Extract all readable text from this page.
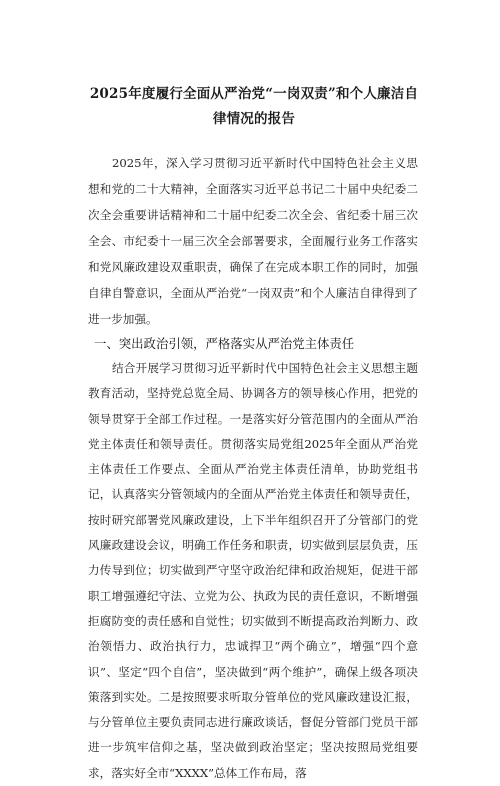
2025年度履行全面从严治党“一岗双责”和个人廉洁自律情况的报告

2025年，深入学习贯彻习近平新时代中国特色社会主义思想和党的二十大精神，全面落实习近平总书记二十届中央纪委二次全会重要讲话精神和二十届中纪委二次全会、省纪委十届三次全会、市纪委十一届三次全会部署要求，全面履行业务工作落实和党风廉政建设双重职责，确保了在完成本职工作的同时，加强自律自警意识，全面从严治党“一岗双责”和个人廉洁自律得到了进一步加强。

一、突出政治引领，严格落实从严治党主体责任

结合开展学习贯彻习近平新时代中国特色社会主义思想主题教育活动，坚持党总览全局、协调各方的领导核心作用，把党的领导贯穿于全部工作过程。一是落实好分管范围内的全面从严治党主体责任和领导责任。贯彻落实局党组2025年全面从严治党主体责任工作要点、全面从严治党主体责任清单，协助党组书记，认真落实分管领域内的全面从严治党主体责任和领导责任，按时研究部署党风廉政建设，上下半年组织召开了分管部门的党风廉政建设会议，明确工作任务和职责，切实做到层层负责，压力传导到位；切实做到严守坚守政治纪律和政治规矩，促进干部职工增强遵纪守法、立党为公、执政为民的责任意识，不断增强拒腐防变的责任感和自觉性；切实做到不断提高政治判断力、政治领悟力、政治执行力，忠诚捍卫“两个确立”，增强“四个意识”、坚定“四个自信”，坚决做到“两个维护”，确保上级各项决策落到实处。二是按照要求听取分管单位的党风廉政建设汇报，与分管单位主要负责同志进行廉政谈话，督促分管部门党员干部进一步筑牢信仰之基，坚决做到政治坚定；坚决按照局党组要求，落实好全市“XXXX”总体工作布局，落
